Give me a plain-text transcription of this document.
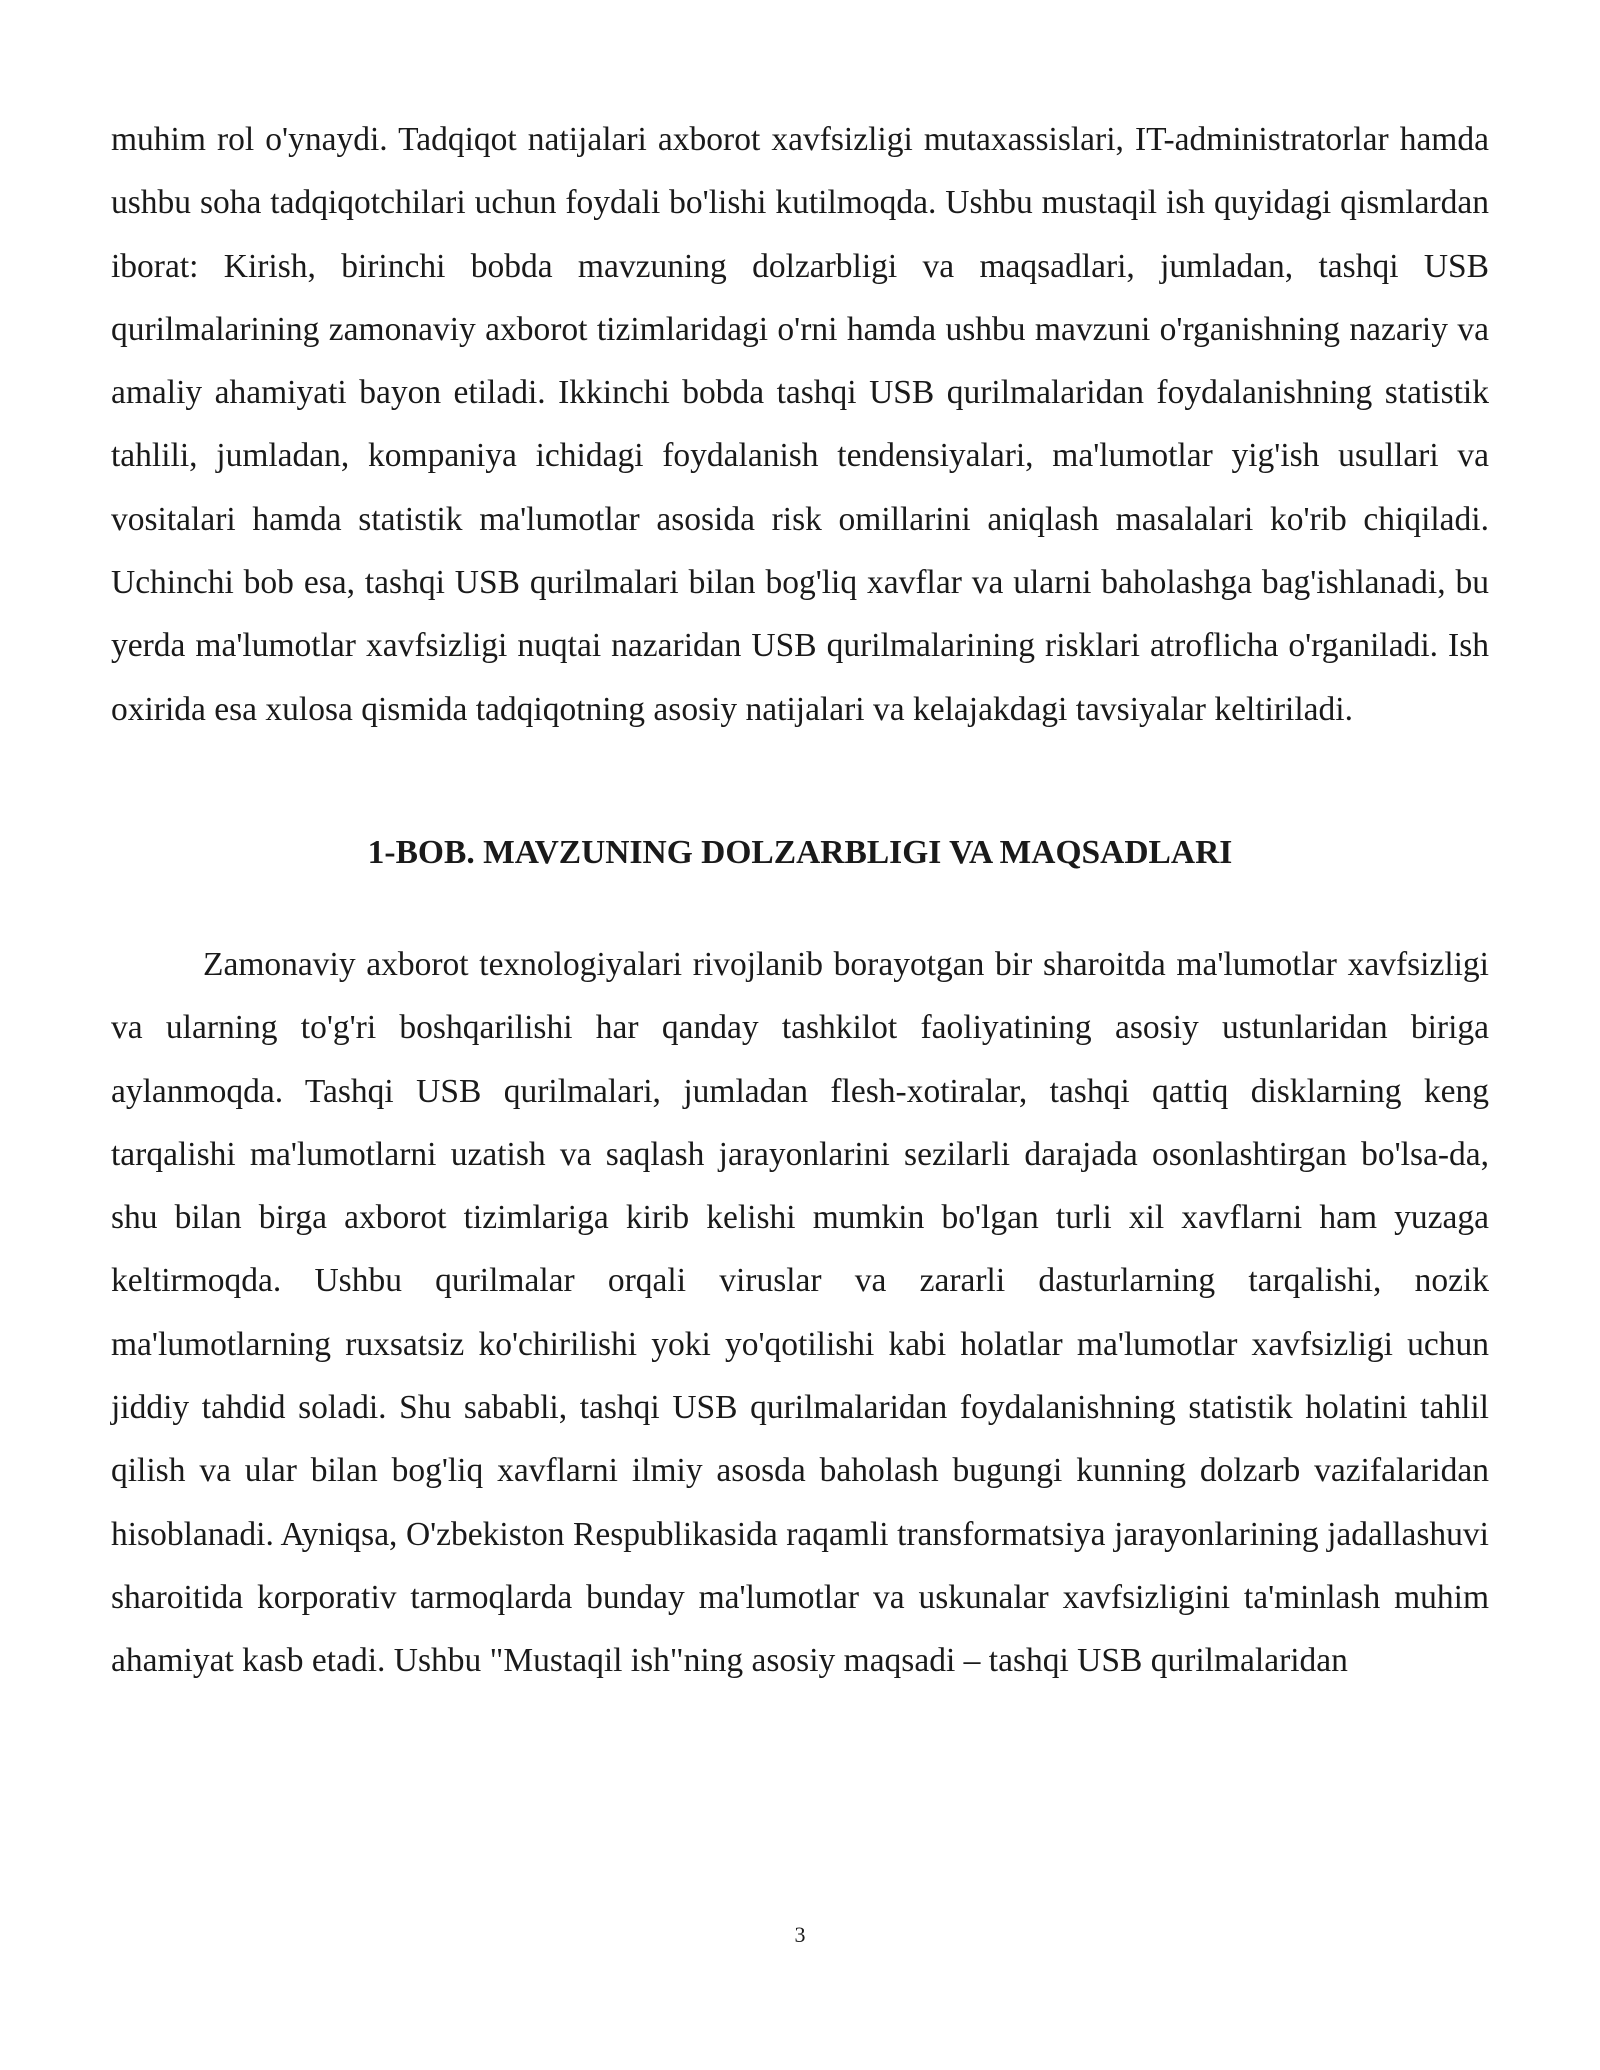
muhim rol o'ynaydi. Tadqiqot natijalari axborot xavfsizligi mutaxassislari, IT-administratorlar hamda ushbu soha tadqiqotchilari uchun foydali bo'lishi kutilmoqda. Ushbu mustaqil ish quyidagi qismlardan iborat: Kirish, birinchi bobda mavzuning dolzarbligi va maqsadlari, jumladan, tashqi USB qurilmalarining zamonaviy axborot tizimlaridagi o'rni hamda ushbu mavzuni o'rganishning nazariy va amaliy ahamiyati bayon etiladi. Ikkinchi bobda tashqi USB qurilmalaridan foydalanishning statistik tahlili, jumladan, kompaniya ichidagi foydalanish tendensiyalari, ma'lumotlar yig'ish usullari va vositalari hamda statistik ma'lumotlar asosida risk omillarini aniqlash masalalari ko'rib chiqiladi. Uchinchi bob esa, tashqi USB qurilmalari bilan bog'liq xavflar va ularni baholashga bag'ishlanadi, bu yerda ma'lumotlar xavfsizligi nuqtai nazaridan USB qurilmalarining risklari atroflicha o'rganiladi. Ish oxirida esa xulosa qismida tadqiqotning asosiy natijalari va kelajakdagi tavsiyalar keltiriladi.

1-BOB. MAVZUNING DOLZARBLIGI VA MAQSADLARI

Zamonaviy axborot texnologiyalari rivojlanib borayotgan bir sharoitda ma'lumotlar xavfsizligi va ularning to'g'ri boshqarilishi har qanday tashkilot faoliyatining asosiy ustunlaridan biriga aylanmoqda. Tashqi USB qurilmalari, jumladan flesh-xotiralar, tashqi qattiq disklarning keng tarqalishi ma'lumotlarni uzatish va saqlash jarayonlarini sezilarli darajada osonlashtirgan bo'lsa-da, shu bilan birga axborot tizimlariga kirib kelishi mumkin bo'lgan turli xil xavflarni ham yuzaga keltirmoqda. Ushbu qurilmalar orqali viruslar va zararli dasturlarning tarqalishi, nozik ma'lumotlarning ruxsatsiz ko'chirilishi yoki yo'qotilishi kabi holatlar ma'lumotlar xavfsizligi uchun jiddiy tahdid soladi. Shu sababli, tashqi USB qurilmalaridan foydalanishning statistik holatini tahlil qilish va ular bilan bog'liq xavflarni ilmiy asosda baholash bugungi kunning dolzarb vazifalaridan hisoblanadi. Ayniqsa, O'zbekiston Respublikasida raqamli transformatsiya jarayonlarining jadallashuvi sharoitida korporativ tarmoqlarda bunday ma'lumotlar va uskunalar xavfsizligini ta'minlash muhim ahamiyat kasb etadi. Ushbu "Mustaqil ish"ning asosiy maqsadi – tashqi USB qurilmalaridan

3
